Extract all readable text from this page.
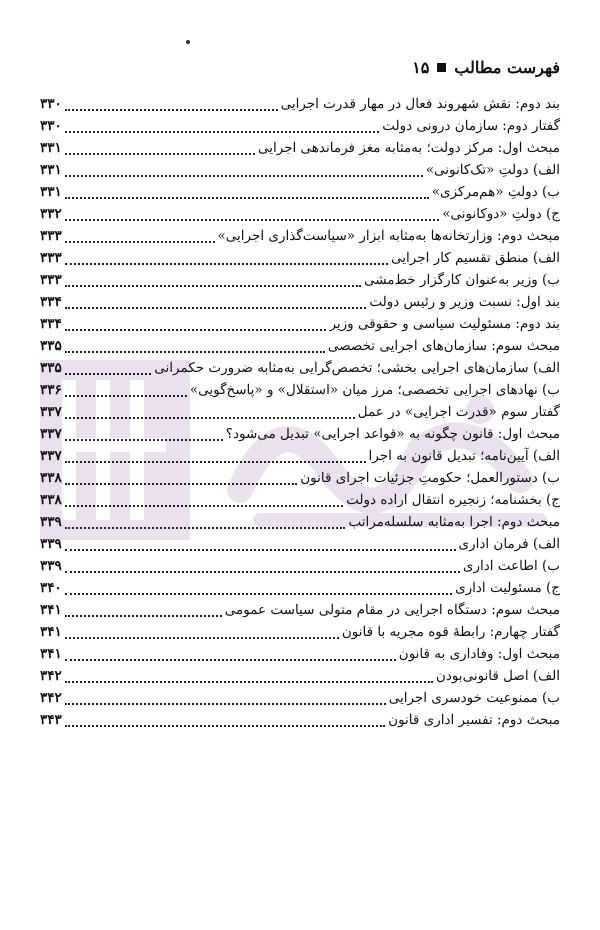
فهرست مطالب
۱۵
بند دوم: نقش شهروند فعال در مهار قدرت اجرایی
۳۳۰
گفتار دوم: سازمان درونی دولت
۳۳۰
مبحث اول: مرکز دولت؛ به‌مثابه مغز فرماندهی اجرایی
۳۳۱
الف) دولتِ «تک‌کانونی»
۳۳۱
ب) دولتِ «هم‌مرکزی»
۳۳۱
ج) دولتِ «دوکانونی»
۳۳۲
مبحث دوم: وزارتخانه‌ها به‌مثابه ابزار «سیاست‌گذاری اجرایی»
۳۳۳
الف) منطق تقسیم کار اجرایی
۳۳۳
ب) وزیر به‌عنوان کارگزار خط‌مشی
۳۳۳
بند اول: نسبت وزیر و رئیس دولت
۳۳۴
بند دوم: مسئولیت سیاسی و حقوقی وزیر
۳۳۴
مبحث سوم: سازمان‌های اجرایی تخصصی
۳۳۵
الف) سازمان‌های اجرایی بخشی؛ تخصص‌گرایی به‌مثابه ضرورت حکمرانی
۳۳۵
ب) نهادهای اجرایی تخصصی؛ مرز میان «استقلال» و «پاسخ‌گویی»
۳۳۶
گفتار سوم «قدرت اجرایی» در عمل
۳۳۷
مبحث اول: قانون چگونه به «قواعد اجرایی» تبدیل می‌شود؟
۳۳۷
الف) آیین‌نامه؛ تبدیل قانون به اجرا
۳۳۷
ب) دستورالعمل؛ حکومتِ جزئیات اجرای قانون
۳۳۸
ج) بخشنامه؛ زنجیره انتقال اراده دولت
۳۳۸
مبحث دوم: اجرا به‌مثابه سلسله‌مراتب
۳۳۹
الف) فرمان اداری
۳۳۹
ب) اطاعت اداری
۳۳۹
ج) مسئولیت اداری
۳۴۰
مبحث سوم: دستگاه اجرایی در مقام متولی سیاست عمومی
۳۴۱
گفتار چهارم: رابطهٔ قوه مجریه با قانون
۳۴۱
مبحث اول: وفاداری به قانون
۳۴۱
الف) اصل قانونی‌بودن
۳۴۲
ب) ممنوعیت خودسری اجرایی
۳۴۲
مبحث دوم: تفسیر اداری قانون
۳۴۳
